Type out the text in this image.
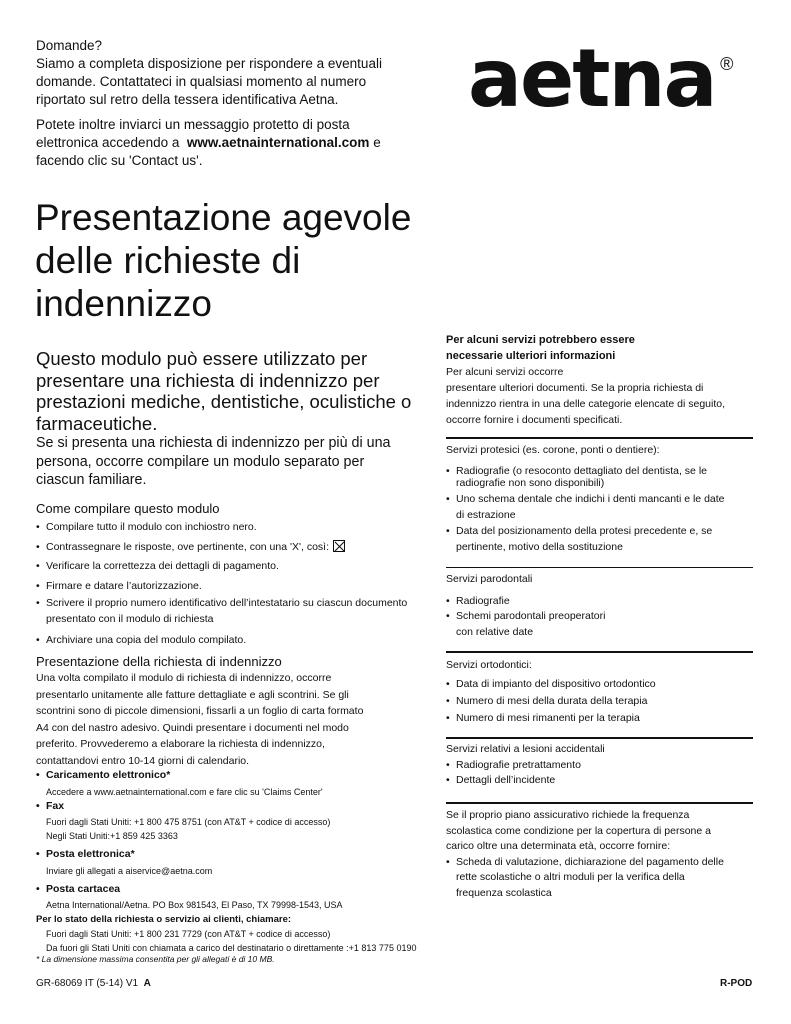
Domande?
Siamo a completa disposizione per rispondere a eventuali
domande. Contattateci in qualsiasi momento al numero
riportato sul retro della tessera identificativa Aetna.
Potete inoltre inviarci un messaggio protetto di posta
elettronica accedendo a www.aetnainternational.com e
facendo clic su 'Contact us'.
aetna ®
Presentazione agevole
delle richieste di
indennizzo
Questo modulo può essere utilizzato per
presentare una richiesta di indennizzo per
prestazioni mediche, dentistiche, oculistiche o
farmaceutiche.
Se si presenta una richiesta di indennizzo per più di una
persona, occorre compilare un modulo separato per
ciascun familiare.
Come compilare questo modulo
• Compilare tutto il modulo con inchiostro nero.
• Contrassegnare le risposte, ove pertinente, con una 'X', così:
• Verificare la correttezza dei dettagli di pagamento.
• Firmare e datare l’autorizzazione.
• Scrivere il proprio numero identificativo dell’intestatario su ciascun documento
presentato con il modulo di richiesta
• Archiviare una copia del modulo compilato.
Presentazione della richiesta di indennizzo
Una volta compilato il modulo di richiesta di indennizzo, occorre
presentarlo unitamente alle fatture dettagliate e agli scontrini. Se gli
scontrini sono di piccole dimensioni, fissarli a un foglio di carta formato
A4 con del nastro adesivo. Quindi presentare i documenti nel modo
preferito. Provvederemo a elaborare la richiesta di indennizzo,
contattandovi entro 10-14 giorni di calendario.
• Caricamento elettronico*
Accedere a www.aetnainternational.com e fare clic su 'Claims Center'
• Fax
Fuori dagli Stati Uniti: +1 800 475 8751 (con AT&T + codice di accesso)
Negli Stati Uniti:+1 859 425 3363
• Posta elettronica*
Inviare gli allegati a aiservice@aetna.com
• Posta cartacea
Aetna International/Aetna. PO Box 981543, El Paso, TX 79998-1543, USA
Per lo stato della richiesta o servizio ai clienti, chiamare:
Fuori dagli Stati Uniti: +1 800 231 7729 (con AT&T + codice di accesso)
Da fuori gli Stati Uniti con chiamata a carico del destinatario o direttamente :+1 813 775 0190
* La dimensione massima consentita per gli allegati è di 10 MB.
Per alcuni servizi potrebbero essere
necessarie ulteriori informazioni
Per alcuni servizi occorre
presentare ulteriori documenti. Se la propria richiesta di
indennizzo rientra in una delle categorie elencate di seguito,
occorre fornire i documenti specificati.
Servizi protesici (es. corone, ponti o dentiere):
• Radiografie (o resoconto dettagliato del dentista, se le
radiografie non sono disponibili)
• Uno schema dentale che indichi i denti mancanti e le date
di estrazione
• Data del posizionamento della protesi precedente e, se
pertinente, motivo della sostituzione
Servizi parodontali
• Radiografie
• Schemi parodontali preoperatori
con relative date
Servizi ortodontici:
• Data di impianto del dispositivo ortodontico
• Numero di mesi della durata della terapia
• Numero di mesi rimanenti per la terapia
Servizi relativi a lesioni accidentali
• Radiografie pretrattamento
• Dettagli dell’incidente
Se il proprio piano assicurativo richiede la frequenza
scolastica come condizione per la copertura di persone a
carico oltre una determinata età, occorre fornire:
• Scheda di valutazione, dichiarazione del pagamento delle
rette scolastiche o altri moduli per la verifica della
frequenza scolastica
GR-68069 IT (5-14) V1 A	R-POD
